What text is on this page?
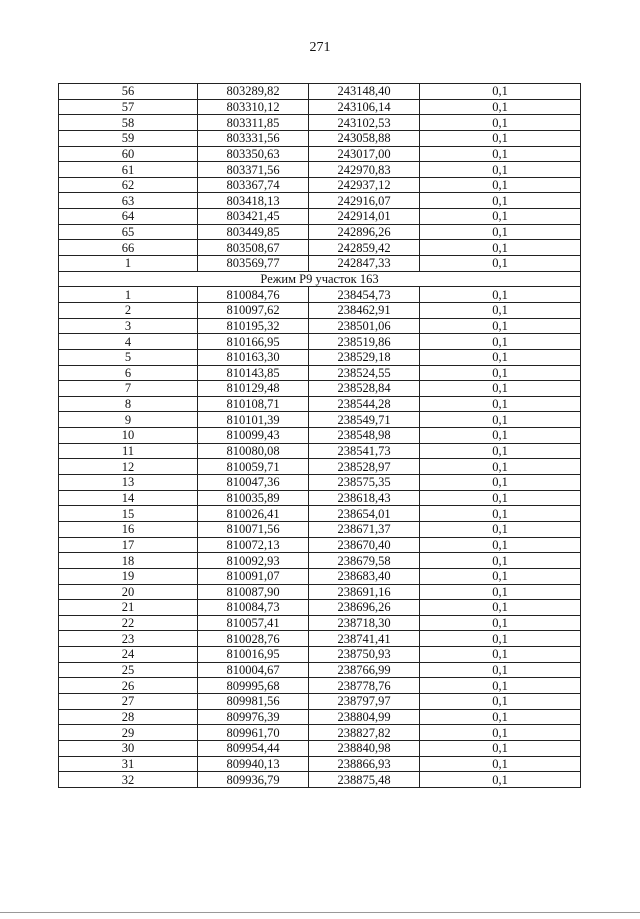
271
56	803289,82	243148,40	0,1
57	803310,12	243106,14	0,1
58	803311,85	243102,53	0,1
59	803331,56	243058,88	0,1
60	803350,63	243017,00	0,1
61	803371,56	242970,83	0,1
62	803367,74	242937,12	0,1
63	803418,13	242916,07	0,1
64	803421,45	242914,01	0,1
65	803449,85	242896,26	0,1
66	803508,67	242859,42	0,1
1	803569,77	242847,33	0,1
Режим Р9 участок 163			
1	810084,76	238454,73	0,1
2	810097,62	238462,91	0,1
3	810195,32	238501,06	0,1
4	810166,95	238519,86	0,1
5	810163,30	238529,18	0,1
6	810143,85	238524,55	0,1
7	810129,48	238528,84	0,1
8	810108,71	238544,28	0,1
9	810101,39	238549,71	0,1
10	810099,43	238548,98	0,1
11	810080,08	238541,73	0,1
12	810059,71	238528,97	0,1
13	810047,36	238575,35	0,1
14	810035,89	238618,43	0,1
15	810026,41	238654,01	0,1
16	810071,56	238671,37	0,1
17	810072,13	238670,40	0,1
18	810092,93	238679,58	0,1
19	810091,07	238683,40	0,1
20	810087,90	238691,16	0,1
21	810084,73	238696,26	0,1
22	810057,41	238718,30	0,1
23	810028,76	238741,41	0,1
24	810016,95	238750,93	0,1
25	810004,67	238766,99	0,1
26	809995,68	238778,76	0,1
27	809981,56	238797,97	0,1
28	809976,39	238804,99	0,1
29	809961,70	238827,82	0,1
30	809954,44	238840,98	0,1
31	809940,13	238866,93	0,1
32	809936,79	238875,48	0,1
